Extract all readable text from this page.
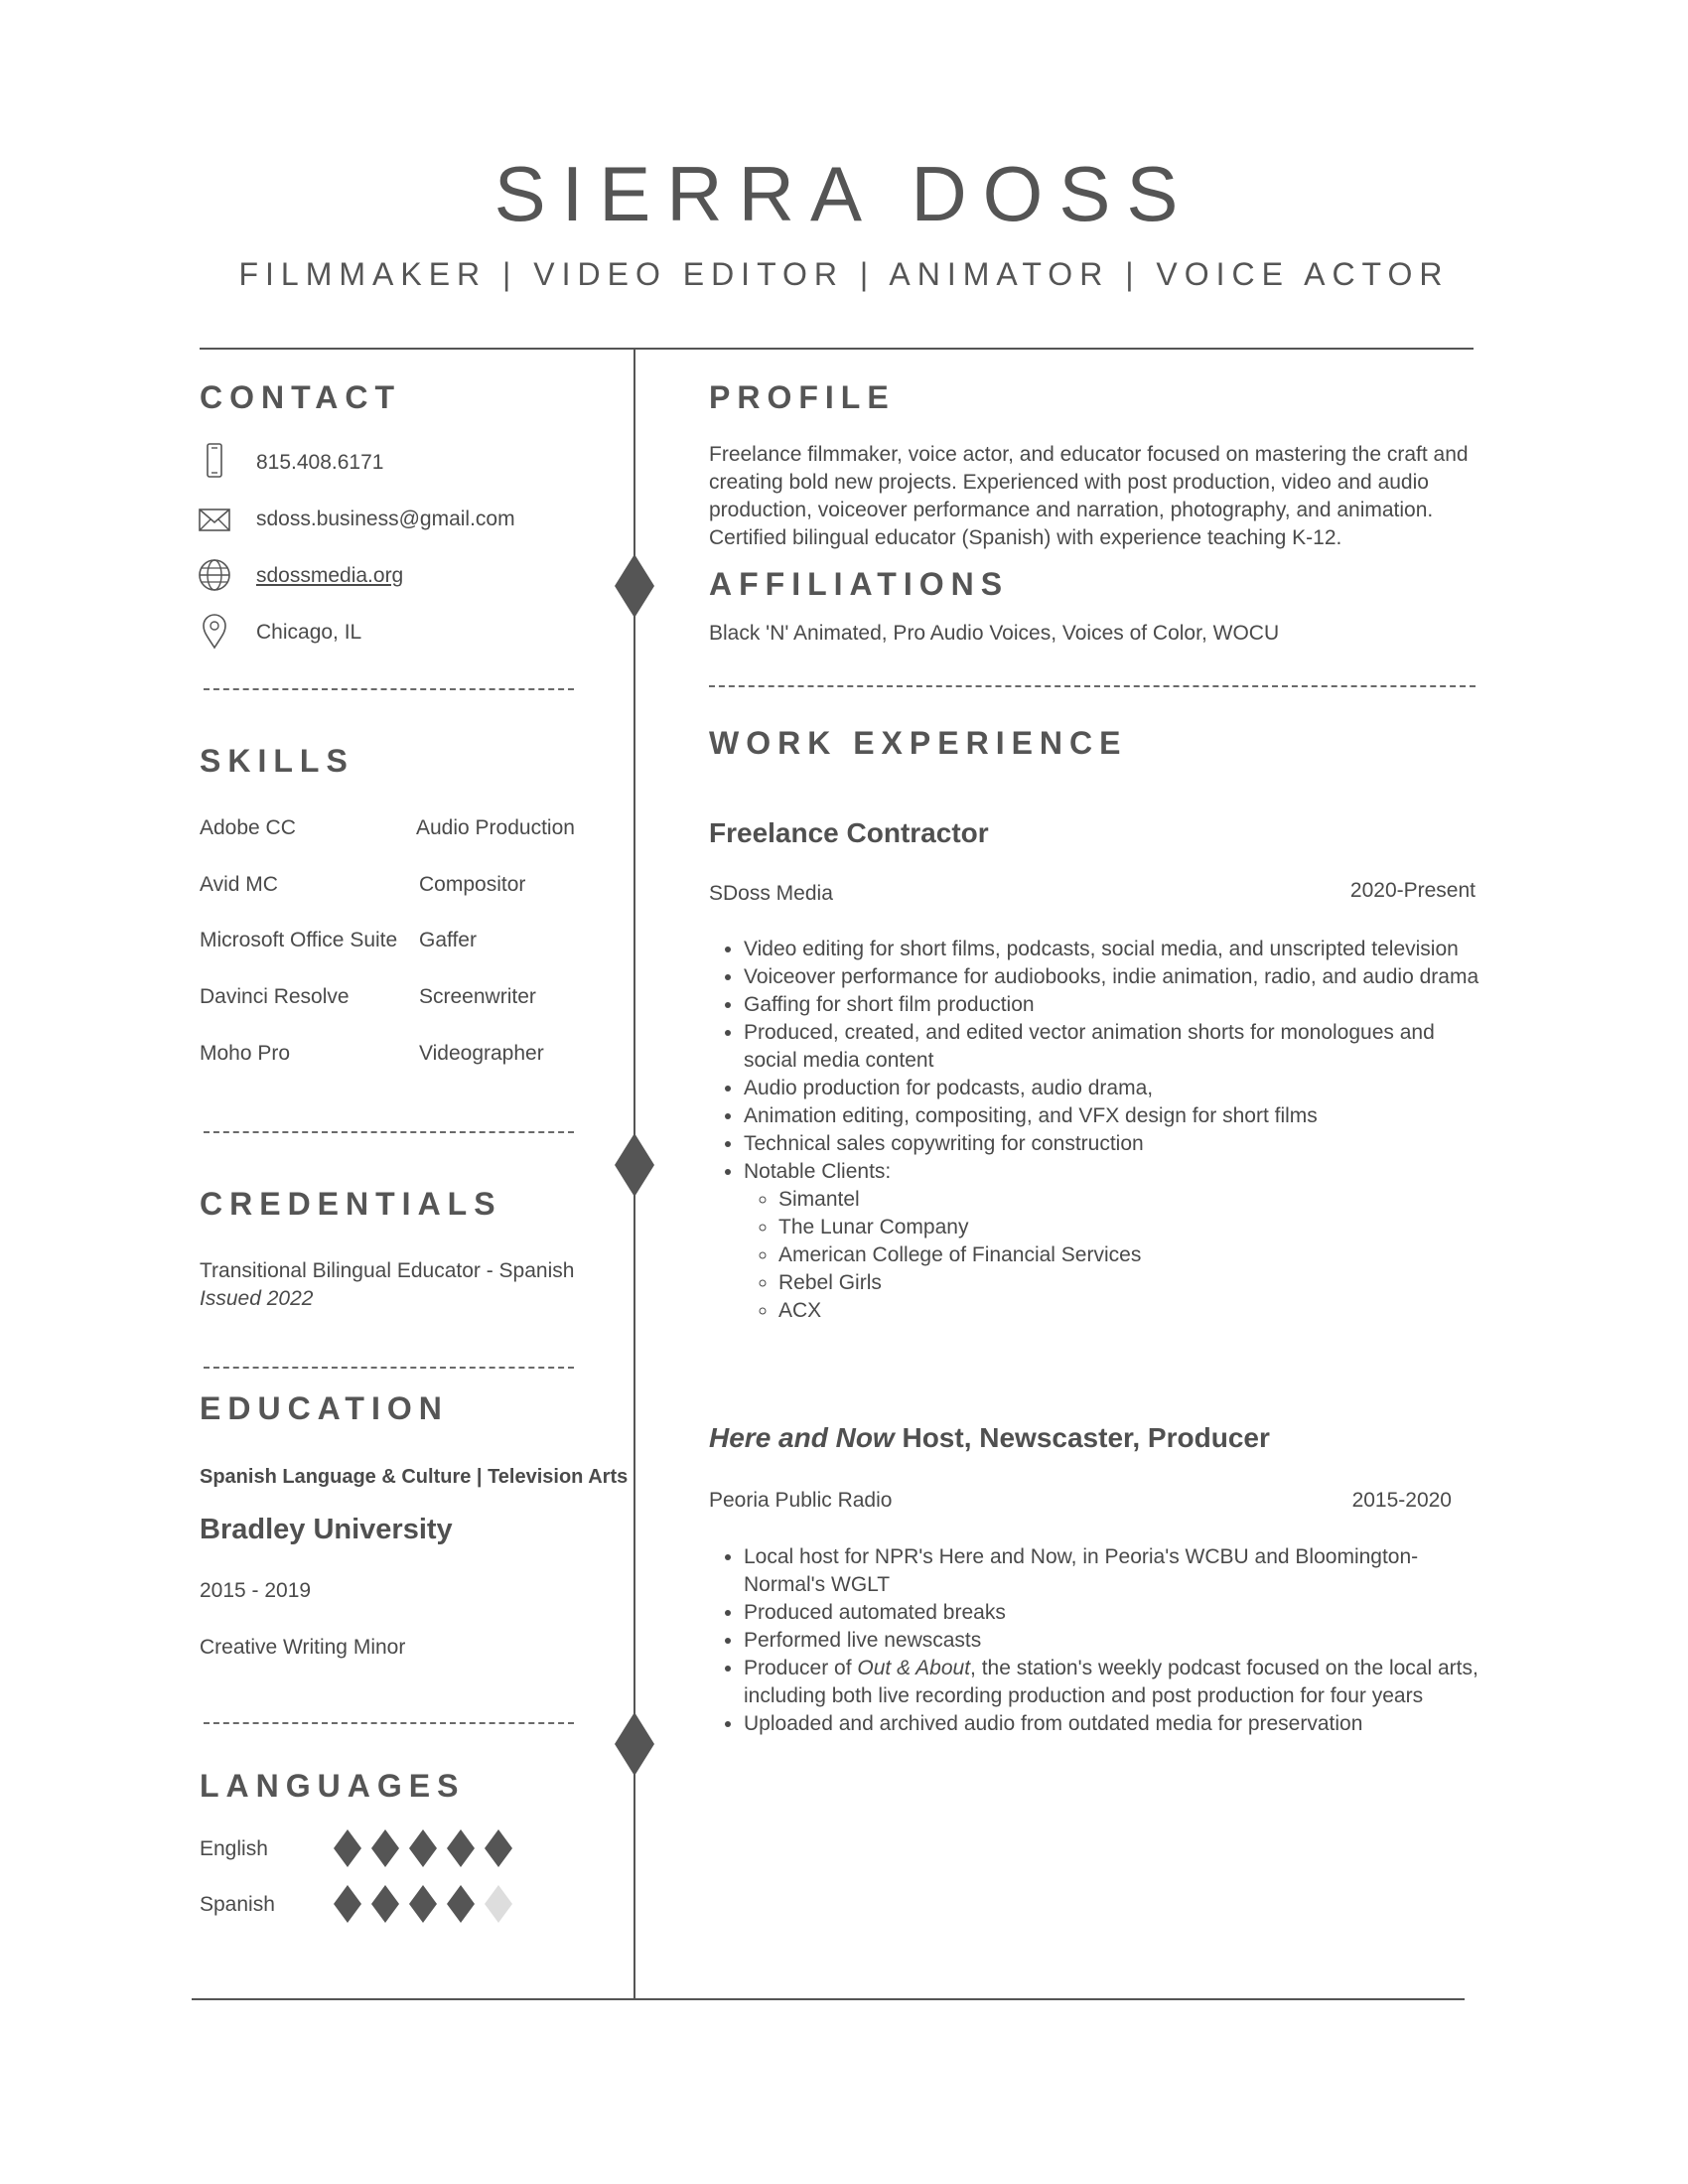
SIERRA DOSS
FILMMAKER | VIDEO EDITOR | ANIMATOR | VOICE ACTOR
CONTACT
815.408.6171
sdoss.business@gmail.com
sdossmedia.org
Chicago, IL
SKILLS
Adobe CC
Avid MC
Microsoft Office Suite
Davinci Resolve
Moho Pro
Audio Production
Compositor
Gaffer
Screenwriter
Videographer
CREDENTIALS
Transitional Bilingual Educator - Spanish
Issued 2022
EDUCATION
Spanish Language & Culture | Television Arts
Bradley University
2015 - 2019
Creative Writing Minor
LANGUAGES
English
Spanish
PROFILE
Freelance filmmaker, voice actor, and educator focused on mastering the craft and
creating bold new projects. Experienced with post production, video and audio
production, voiceover performance and narration, photography, and animation.
Certified bilingual educator (Spanish) with experience teaching K-12.
AFFILIATIONS
Black 'N' Animated, Pro Audio Voices, Voices of Color, WOCU
WORK EXPERIENCE
Freelance Contractor
SDoss Media	2020-Present
• Video editing for short films, podcasts, social media, and unscripted television
• Voiceover performance for audiobooks, indie animation, radio, and audio drama
• Gaffing for short film production
• Produced, created, and edited vector animation shorts for monologues and social media content
• Audio production for podcasts, audio drama,
• Animation editing, compositing, and VFX design for short films
• Technical sales copywriting for construction
• Notable Clients:
◦ Simantel
◦ The Lunar Company
◦ American College of Financial Services
◦ Rebel Girls
◦ ACX
Here and Now Host, Newscaster, Producer
Peoria Public Radio	2015-2020
• Local host for NPR's Here and Now, in Peoria's WCBU and Bloomington-Normal's WGLT
• Produced automated breaks
• Performed live newscasts
• Producer of Out & About, the station's weekly podcast focused on the local arts, including both live recording production and post production for four years
• Uploaded and archived audio from outdated media for preservation
